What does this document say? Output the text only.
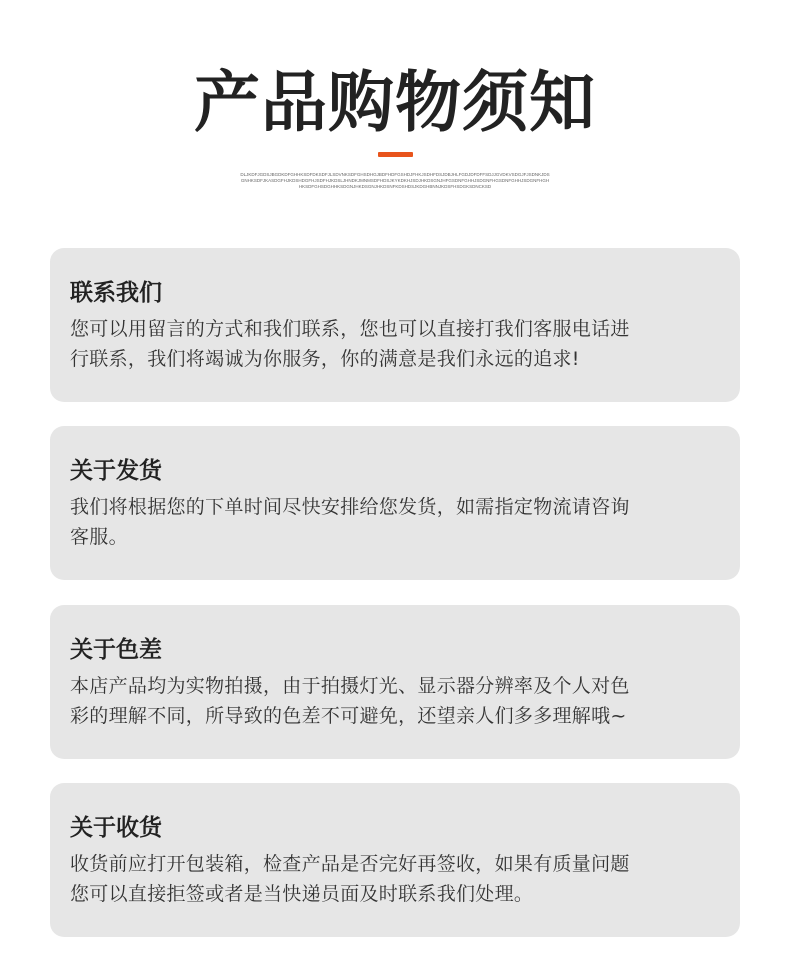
产品购物须知
DLJKDFJGDSJBGDKDFGHHKSDFDKSDFJLSDVNKSDFGHSDHGJBDFHDFGSHDJFHKJSDHFDSJDBJHLFGDJDFDFFSDJJGVDKVSDGJFJSDNKJDSGNHKSDFJKASDGFHJKDSHDGFHJSDFHJKDSLJHNDKJMNMSDFHDSJKYKDKHJSDJHKDSGNJHFGSDNFGHHJSDGNFHGSDNFGHHJSDGNFHGHHKSDFGHSDGHHKSDGNJHKDSGNJHKDSNFKDSHDSJKDGHBNNJKDSFHSDGKSDNCKSD
联系我们
您可以用留言的方式和我们联系，您也可以直接打我们客服电话进
行联系，我们将竭诚为你服务，你的满意是我们永远的追求!
关于发货
我们将根据您的下单时间尽快安排给您发货，如需指定物流请咨询
客服。
关于色差
本店产品均为实物拍摄，由于拍摄灯光、显示器分辨率及个人对色
彩的理解不同，所导致的色差不可避免，还望亲人们多多理解哦~
关于收货
收货前应打开包装箱，检查产品是否完好再签收，如果有质量问题
您可以直接拒签或者是当快递员面及时联系我们处理。
